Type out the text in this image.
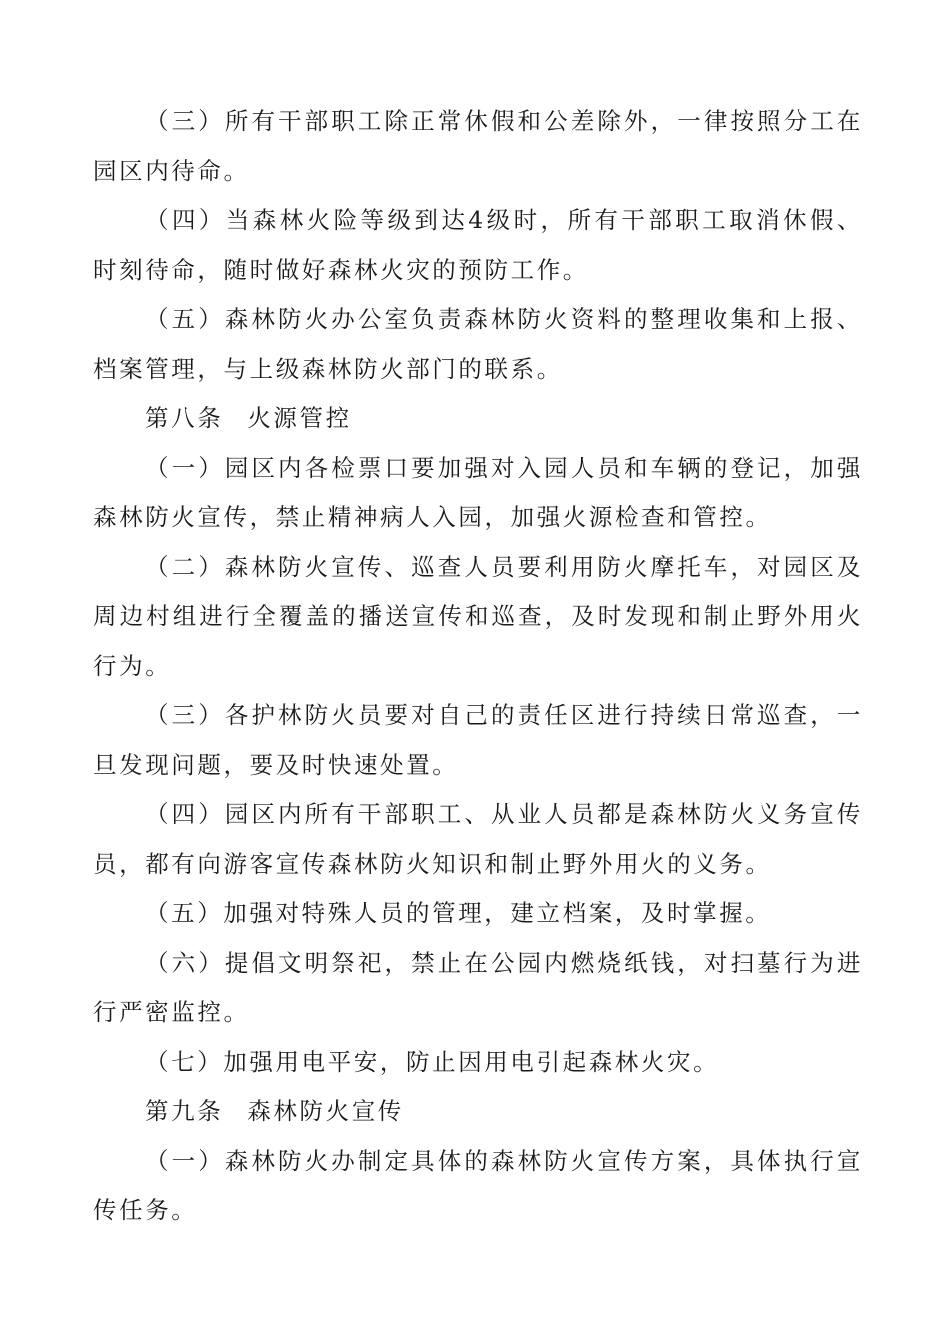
（三）所有干部职工除正常休假和公差除外，一律按照分工在园区内待命。

（四）当森林火险等级到达4级时，所有干部职工取消休假、时刻待命，随时做好森林火灾的预防工作。

（五）森林防火办公室负责森林防火资料的整理收集和上报、档案管理，与上级森林防火部门的联系。

第八条 火源管控

（一）园区内各检票口要加强对入园人员和车辆的登记，加强森林防火宣传，禁止精神病人入园，加强火源检查和管控。

（二）森林防火宣传、巡查人员要利用防火摩托车，对园区及周边村组进行全覆盖的播送宣传和巡查，及时发现和制止野外用火行为。

（三）各护林防火员要对自己的责任区进行持续日常巡查，一旦发现问题，要及时快速处置。

（四）园区内所有干部职工、从业人员都是森林防火义务宣传员，都有向游客宣传森林防火知识和制止野外用火的义务。

（五）加强对特殊人员的管理，建立档案，及时掌握。

（六）提倡文明祭祀，禁止在公园内燃烧纸钱，对扫墓行为进行严密监控。

（七）加强用电平安，防止因用电引起森林火灾。

第九条 森林防火宣传

（一）森林防火办制定具体的森林防火宣传方案，具体执行宣传任务。
